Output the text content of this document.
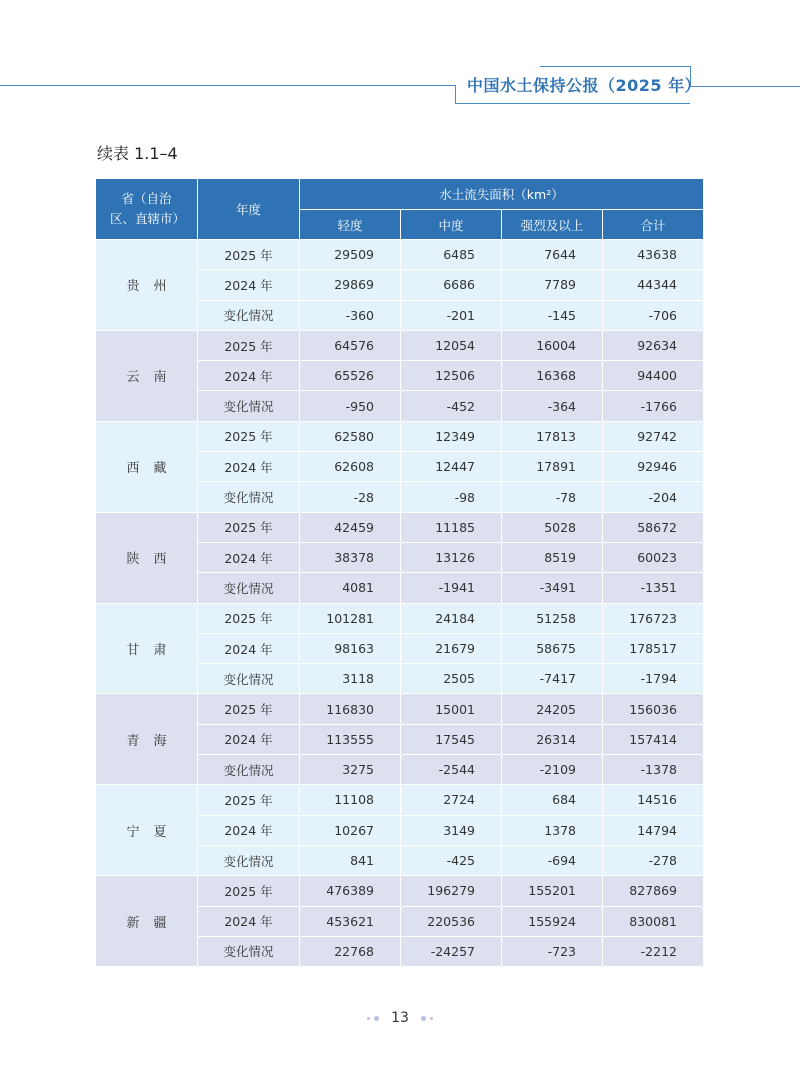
中国水土保持公报（2025 年）
续表 1.1–4
省（自治区、直辖市）	年度	水土流失面积（km²）			
		轻度	中度	强烈及以上	合计
贵州	2025 年	29509	6485	7644	43638
	2024 年	29869	6686	7789	44344
	变化情况	-360	-201	-145	-706
云南	2025 年	64576	12054	16004	92634
	2024 年	65526	12506	16368	94400
	变化情况	-950	-452	-364	-1766
西藏	2025 年	62580	12349	17813	92742
	2024 年	62608	12447	17891	92946
	变化情况	-28	-98	-78	-204
陕西	2025 年	42459	11185	5028	58672
	2024 年	38378	13126	8519	60023
	变化情况	4081	-1941	-3491	-1351
甘肃	2025 年	101281	24184	51258	176723
	2024 年	98163	21679	58675	178517
	变化情况	3118	2505	-7417	-1794
青海	2025 年	116830	15001	24205	156036
	2024 年	113555	17545	26314	157414
	变化情况	3275	-2544	-2109	-1378
宁夏	2025 年	11108	2724	684	14516
	2024 年	10267	3149	1378	14794
	变化情况	841	-425	-694	-278
新疆	2025 年	476389	196279	155201	827869
	2024 年	453621	220536	155924	830081
	变化情况	22768	-24257	-723	-2212
13
